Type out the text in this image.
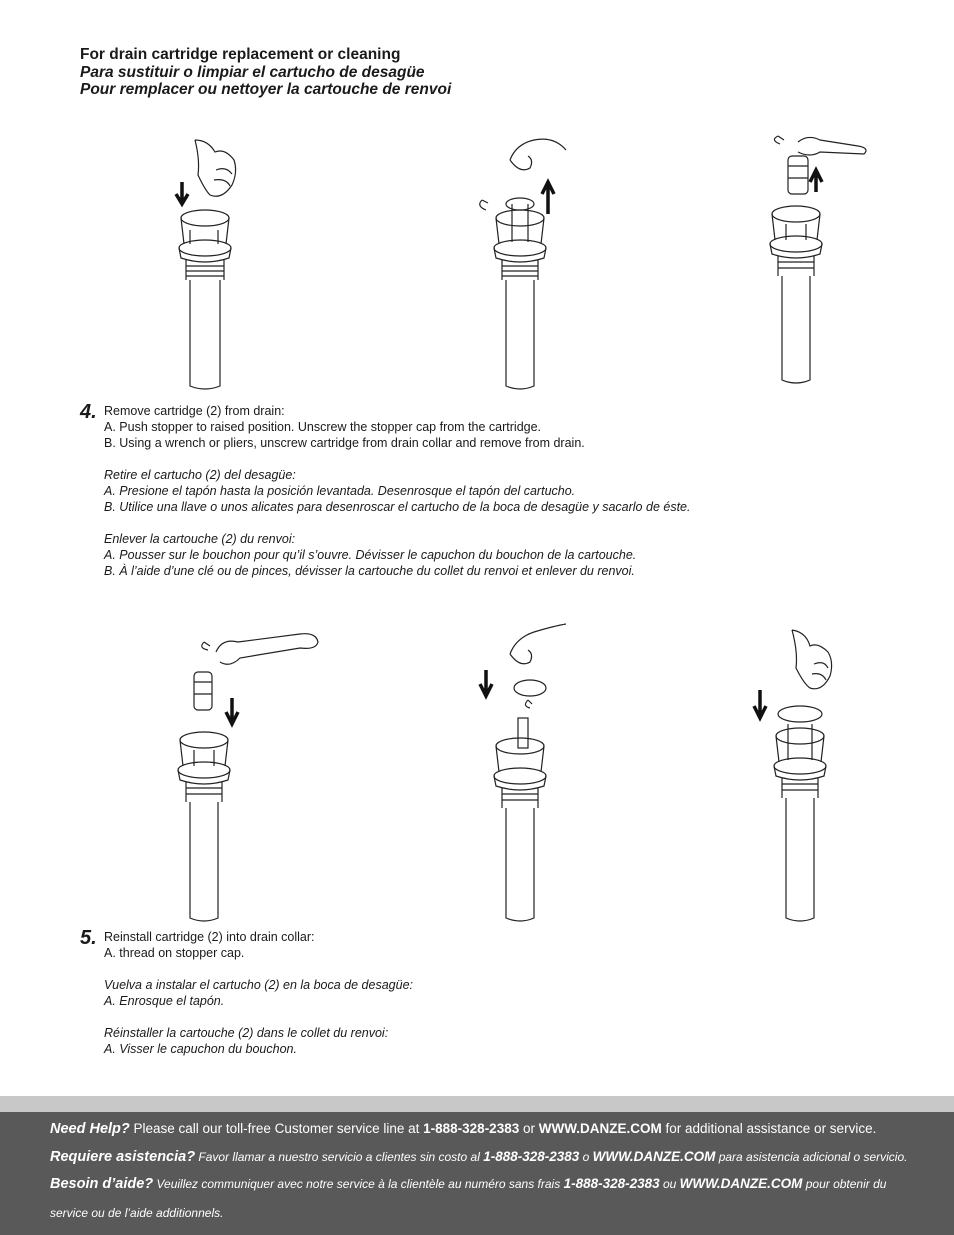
For drain cartridge replacement or cleaning
Para sustituir o limpiar el cartucho de desagüe
Pour remplacer ou nettoyer la cartouche de renvoi
4. Remove cartridge (2) from drain:
A. Push stopper to raised position. Unscrew the stopper cap from the cartridge.
B. Using a wrench or pliers, unscrew cartridge from drain collar and remove from drain.
Retire el cartucho (2) del desagüe:
A. Presione el tapón hasta la posición levantada. Desenrosque el tapón del cartucho.
B. Utilice una llave o unos alicates para desenroscar el cartucho de la boca de desagüe y sacarlo de éste.
Enlever la cartouche (2) du renvoi:
A. Pousser sur le bouchon pour qu’il s’ouvre. Dévisser le capuchon du bouchon de la cartouche.
B. À l’aide d’une clé ou de pinces, dévisser la cartouche du collet du renvoi et enlever du renvoi.
5. Reinstall cartridge (2) into drain collar:
A. thread on stopper cap.
Vuelva a instalar el cartucho (2) en la boca de desagüe:
A. Enrosque el tapón.
Réinstaller la cartouche (2) dans le collet du renvoi:
A. Visser le capuchon du bouchon.
Need Help? Please call our toll-free Customer service line at 1-888-328-2383 or WWW.DANZE.COM for additional assistance or service.
Requiere asistencia? Favor llamar a nuestro servicio a clientes sin costo al 1-888-328-2383 o WWW.DANZE.COM para asistencia adicional o servicio.
Besoin d’aide? Veuillez communiquer avec notre service à la clientèle au numéro sans frais 1-888-328-2383 ou WWW.DANZE.COM pour obtenir du
service ou de l’aide additionnels.
